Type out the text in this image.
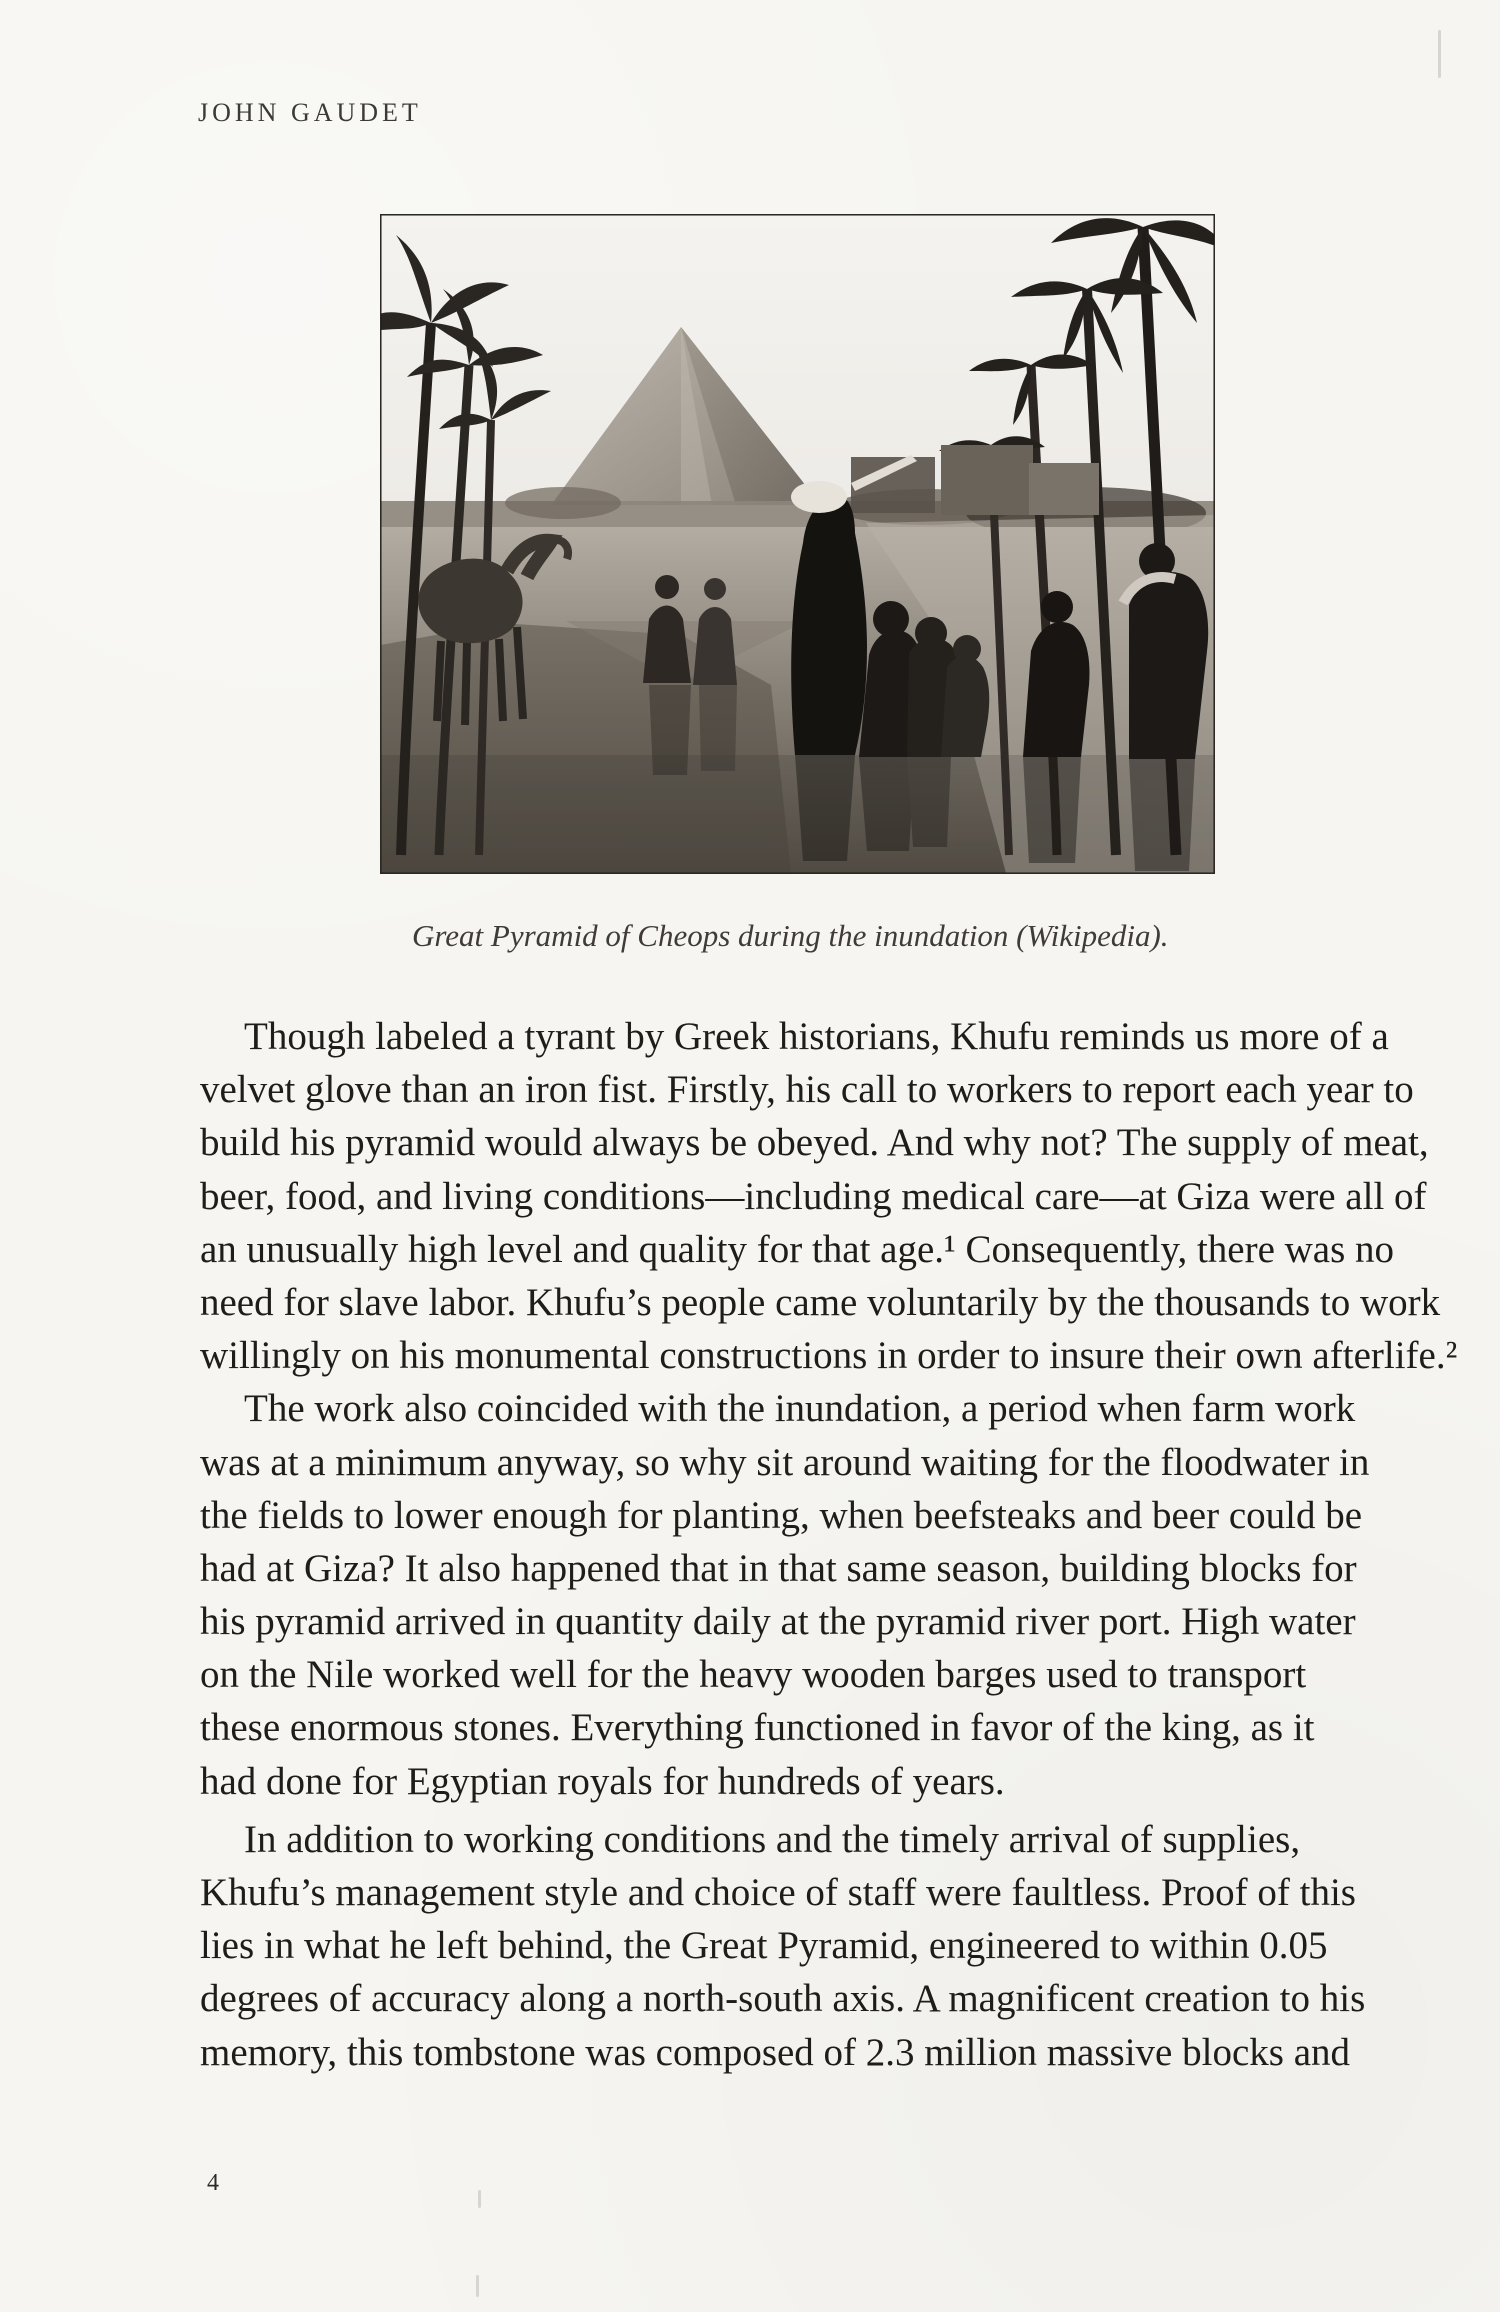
JOHN GAUDET
Great Pyramid of Cheops during the inundation (Wikipedia).
Though labeled a tyrant by Greek historians, Khufu reminds us more of a
velvet glove than an iron fist. Firstly, his call to workers to report each year to
build his pyramid would always be obeyed. And why not? The supply of meat,
beer, food, and living conditions—including medical care—at Giza were all of
an unusually high level and quality for that age.¹ Consequently, there was no
need for slave labor. Khufu’s people came voluntarily by the thousands to work
willingly on his monumental constructions in order to insure their own afterlife.²
The work also coincided with the inundation, a period when farm work
was at a minimum anyway, so why sit around waiting for the floodwater in
the fields to lower enough for planting, when beefsteaks and beer could be
had at Giza? It also happened that in that same season, building blocks for
his pyramid arrived in quantity daily at the pyramid river port. High water
on the Nile worked well for the heavy wooden barges used to transport
these enormous stones. Everything functioned in favor of the king, as it
had done for Egyptian royals for hundreds of years.
In addition to working conditions and the timely arrival of supplies,
Khufu’s management style and choice of staff were faultless. Proof of this
lies in what he left behind, the Great Pyramid, engineered to within 0.05
degrees of accuracy along a north-south axis. A magnificent creation to his
memory, this tombstone was composed of 2.3 million massive blocks and
4
